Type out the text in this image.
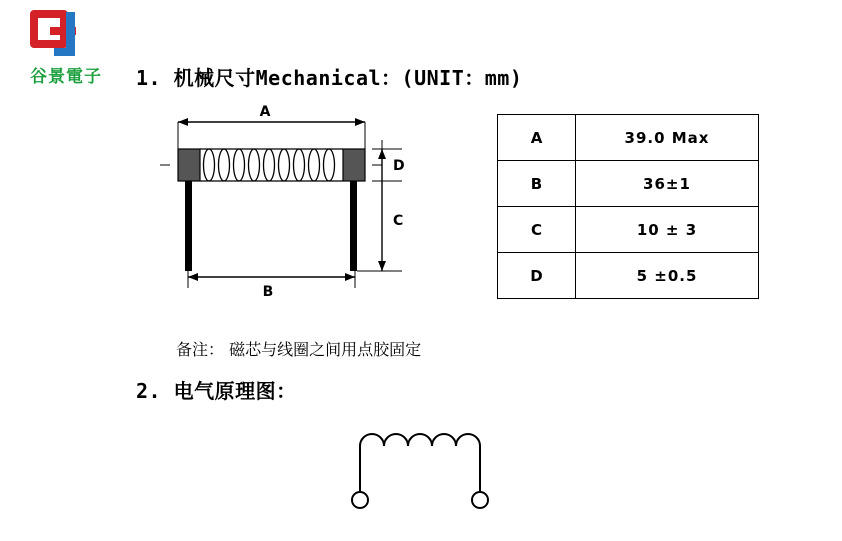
谷景電子	1. 机械尺寸Mechanical：(UNIT：mm)
A
D
C
B
A	39.0 Max
B	36±1
C	10 ± 3
D	5 ±0.5
备注： 磁芯与线圈之间用点胶固定
2. 电气原理图：
